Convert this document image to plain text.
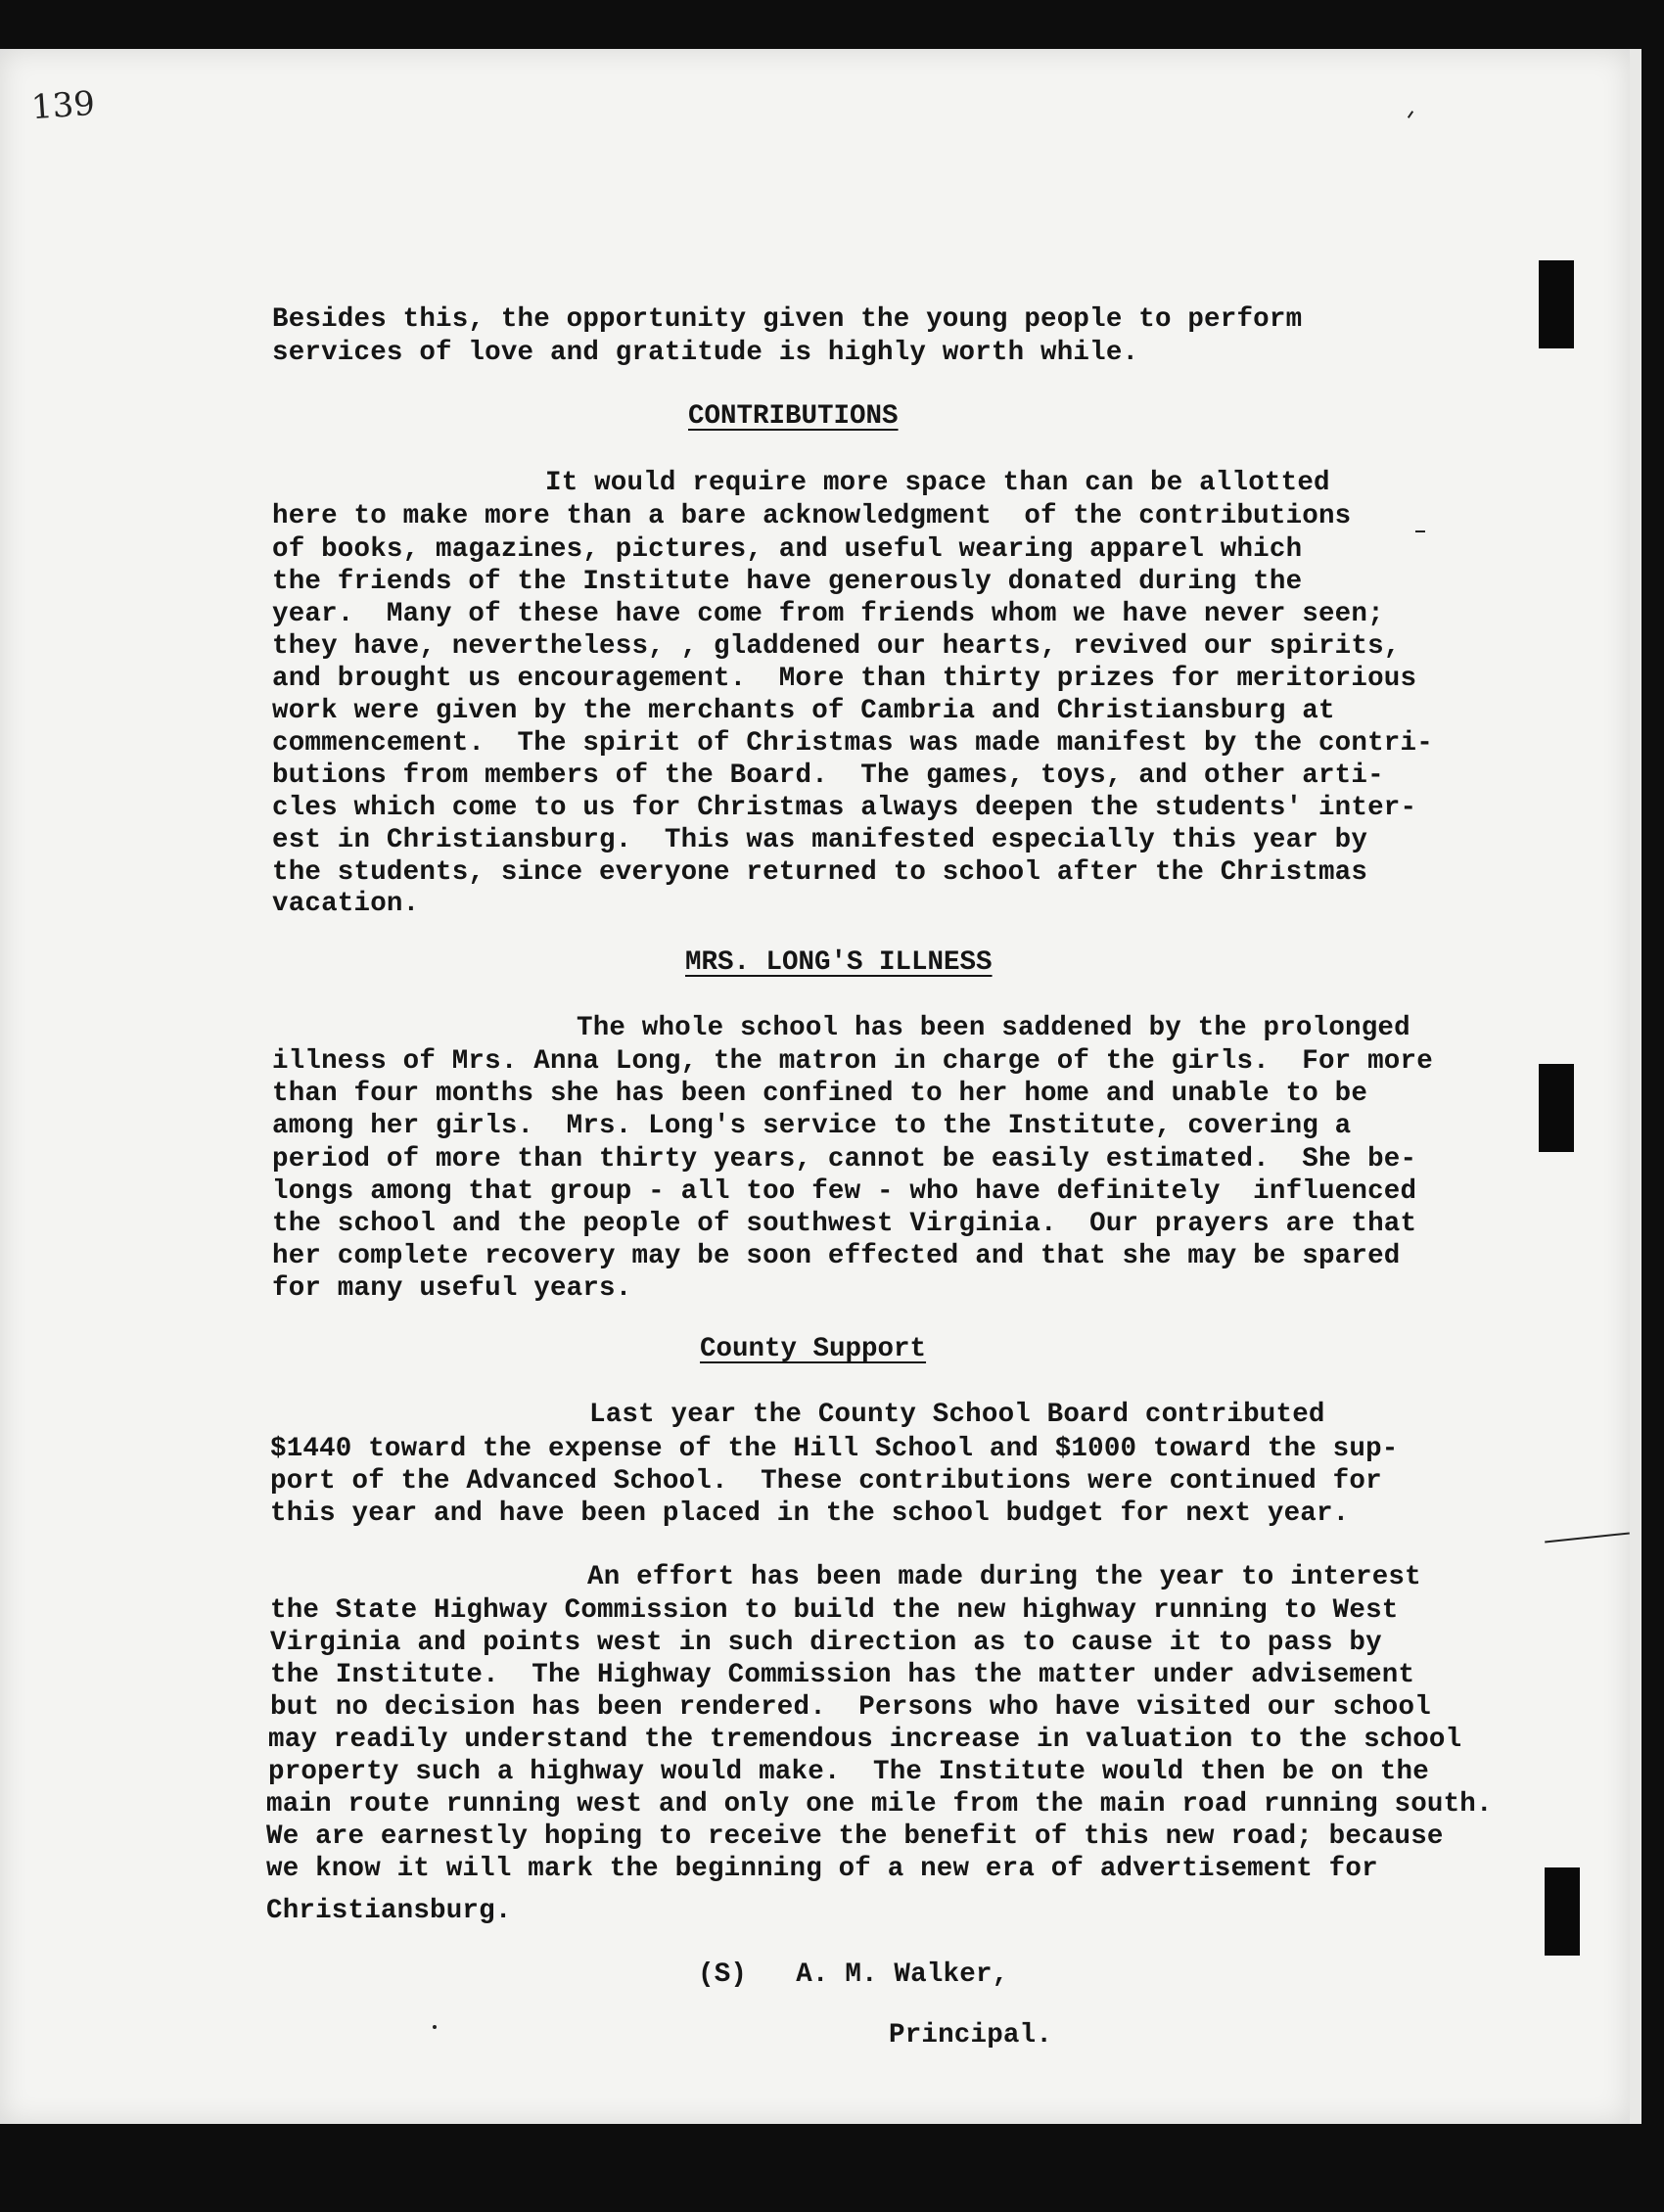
139
Besides this, the opportunity given the young people to perform
services of love and gratitude is highly worth while.
CONTRIBUTIONS
It would require more space than can be allotted
here to make more than a bare acknowledgment  of the contributions
of books, magazines, pictures, and useful wearing apparel which
the friends of the Institute have generously donated during the
year.  Many of these have come from friends whom we have never seen;
they have, nevertheless, , gladdened our hearts, revived our spirits,
and brought us encouragement.  More than thirty prizes for meritorious
work were given by the merchants of Cambria and Christiansburg at
commencement.  The spirit of Christmas was made manifest by the contri-
butions from members of the Board.  The games, toys, and other arti-
cles which come to us for Christmas always deepen the students' inter-
est in Christiansburg.  This was manifested especially this year by
the students, since everyone returned to school after the Christmas
vacation.
MRS. LONG'S ILLNESS
The whole school has been saddened by the prolonged
illness of Mrs. Anna Long, the matron in charge of the girls.  For more
than four months she has been confined to her home and unable to be
among her girls.  Mrs. Long's service to the Institute, covering a
period of more than thirty years, cannot be easily estimated.  She be-
longs among that group - all too few - who have definitely  influenced
the school and the people of southwest Virginia.  Our prayers are that
her complete recovery may be soon effected and that she may be spared
for many useful years.
County Support
Last year the County School Board contributed
$1440 toward the expense of the Hill School and $1000 toward the sup-
port of the Advanced School.  These contributions were continued for
this year and have been placed in the school budget for next year.
An effort has been made during the year to interest
the State Highway Commission to build the new highway running to West
Virginia and points west in such direction as to cause it to pass by
the Institute.  The Highway Commission has the matter under advisement
but no decision has been rendered.  Persons who have visited our school
may readily understand the tremendous increase in valuation to the school
property such a highway would make.  The Institute would then be on the
main route running west and only one mile from the main road running south.
We are earnestly hoping to receive the benefit of this new road; because
we know it will mark the beginning of a new era of advertisement for
Christiansburg.
(S)   A. M. Walker,
Principal.
